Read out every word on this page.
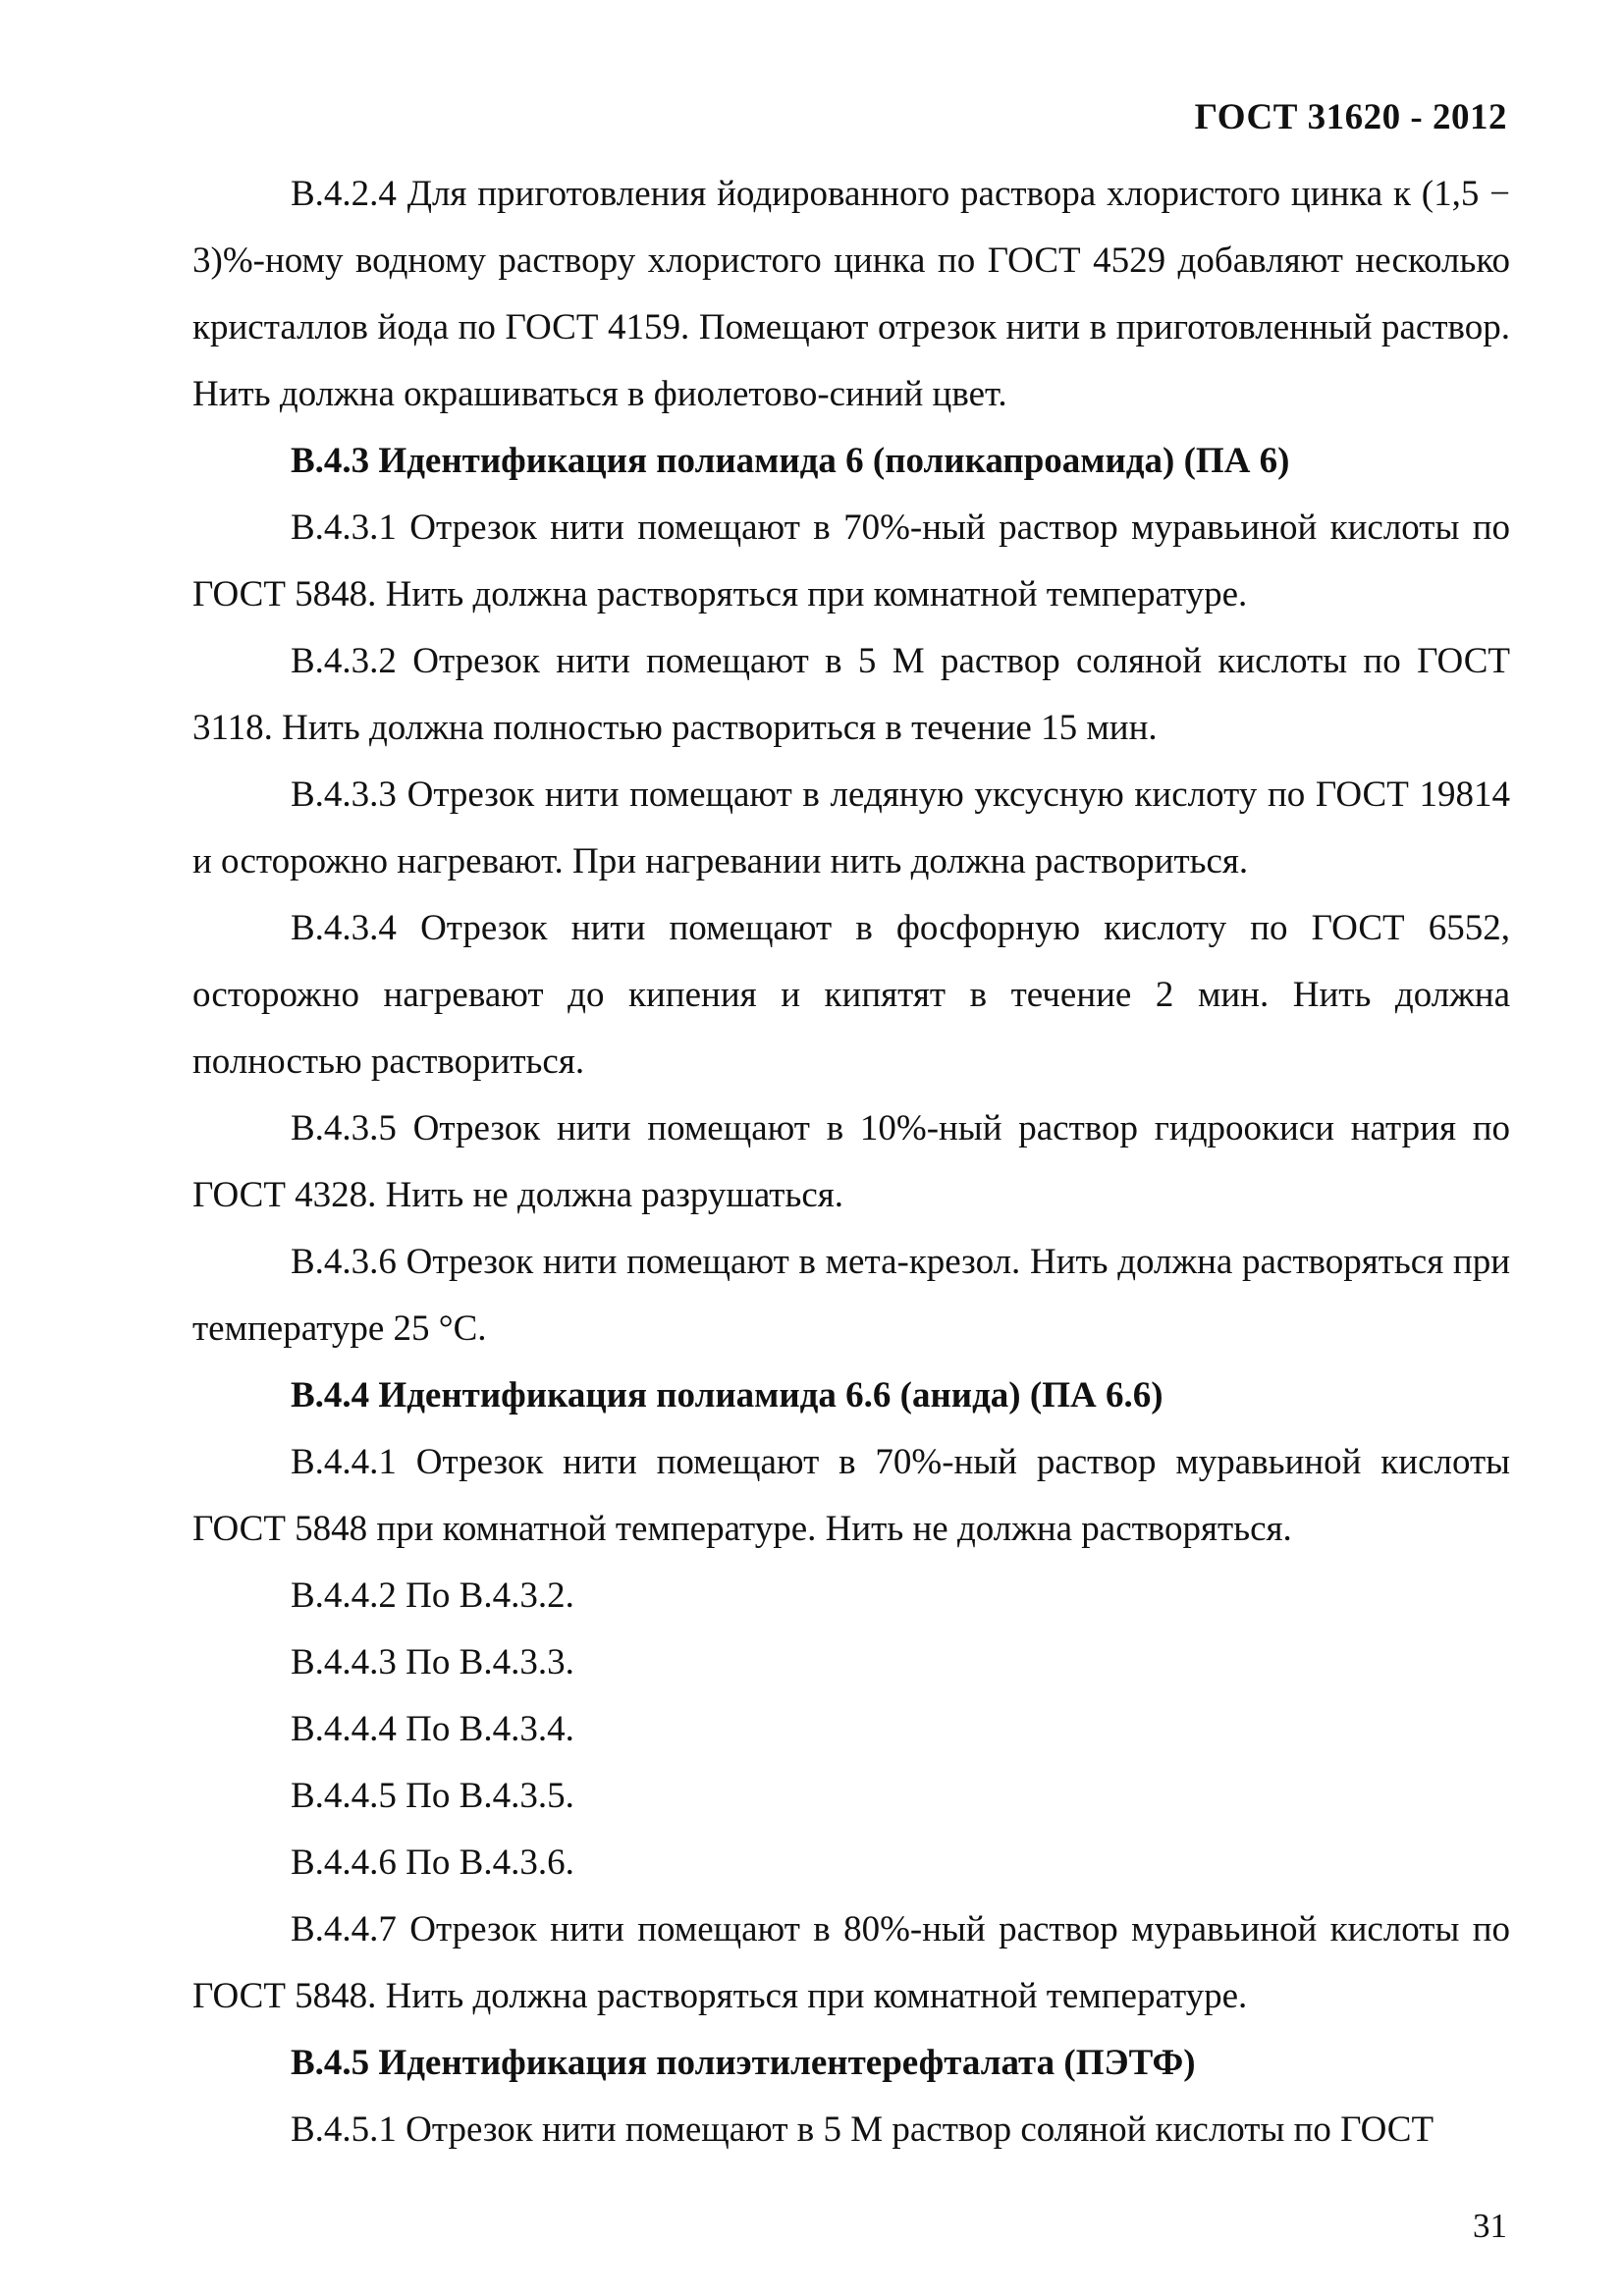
ГОСТ 31620 - 2012

B.4.2.4 Для приготовления йодированного раствора хлористого цинка к (1,5 − 3)%-ному водному раствору хлористого цинка по ГОСТ 4529 добавляют несколько кристаллов йода по ГОСТ 4159. Помещают отрезок нити в приготовленный раствор. Нить должна окрашиваться в фиолетово-синий цвет.

B.4.3 Идентификация полиамида 6 (поликапроамида) (ПА 6)

B.4.3.1 Отрезок нити помещают в 70%-ный раствор муравьиной кислоты по ГОСТ 5848. Нить должна растворяться при комнатной температуре.

B.4.3.2 Отрезок нити помещают в 5 М раствор соляной кислоты по ГОСТ 3118. Нить должна полностью раствориться в течение 15 мин.

B.4.3.3 Отрезок нити помещают в ледяную уксусную кислоту по ГОСТ 19814 и осторожно нагревают. При нагревании нить должна раствориться.

B.4.3.4 Отрезок нити помещают в фосфорную кислоту по ГОСТ 6552, осторожно нагревают до кипения и кипятят в течение 2 мин. Нить должна полностью раствориться.

B.4.3.5 Отрезок нити помещают в 10%-ный раствор гидроокиси натрия по ГОСТ 4328. Нить не должна разрушаться.

B.4.3.6 Отрезок нити помещают в мета-крезол. Нить должна растворяться при температуре 25 °С.

B.4.4 Идентификация полиамида 6.6 (анида) (ПА 6.6)

B.4.4.1 Отрезок нити помещают в 70%-ный раствор муравьиной кислоты ГОСТ 5848 при комнатной температуре. Нить не должна растворяться.

B.4.4.2 По B.4.3.2.

B.4.4.3 По B.4.3.3.

B.4.4.4 По B.4.3.4.

B.4.4.5 По B.4.3.5.

B.4.4.6 По B.4.3.6.

B.4.4.7 Отрезок нити помещают в 80%-ный раствор муравьиной кислоты по ГОСТ 5848. Нить должна растворяться при комнатной температуре.

B.4.5 Идентификация полиэтилентерефталата (ПЭТФ)

B.4.5.1 Отрезок нити помещают в 5 М раствор соляной кислоты по ГОСТ

31
